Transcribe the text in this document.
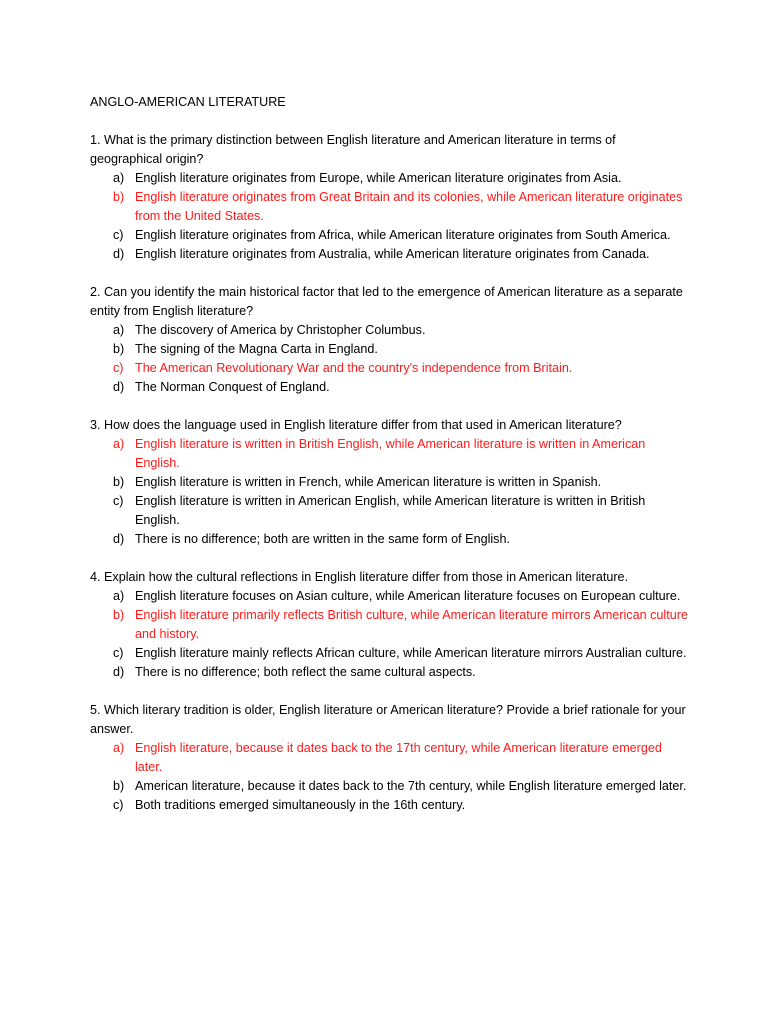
ANGLO-AMERICAN LITERATURE

1. What is the primary distinction between English literature and American literature in terms of geographical origin?

a) English literature originates from Europe, while American literature originates from Asia.
b) English literature originates from Great Britain and its colonies, while American literature originates from the United States.
c) English literature originates from Africa, while American literature originates from South America.
d) English literature originates from Australia, while American literature originates from Canada.

2. Can you identify the main historical factor that led to the emergence of American literature as a separate entity from English literature?

a) The discovery of America by Christopher Columbus.
b) The signing of the Magna Carta in England.
c) The American Revolutionary War and the country's independence from Britain.
d) The Norman Conquest of England.

3. How does the language used in English literature differ from that used in American literature?

a) English literature is written in British English, while American literature is written in American English.
b) English literature is written in French, while American literature is written in Spanish.
c) English literature is written in American English, while American literature is written in British English.
d) There is no difference; both are written in the same form of English.

4. Explain how the cultural reflections in English literature differ from those in American literature.

a) English literature focuses on Asian culture, while American literature focuses on European culture.
b) English literature primarily reflects British culture, while American literature mirrors American culture and history.
c) English literature mainly reflects African culture, while American literature mirrors Australian culture.
d) There is no difference; both reflect the same cultural aspects.

5. Which literary tradition is older, English literature or American literature? Provide a brief rationale for your answer.

a) English literature, because it dates back to the 17th century, while American literature emerged later.
b) American literature, because it dates back to the 7th century, while English literature emerged later.
c) Both traditions emerged simultaneously in the 16th century.
